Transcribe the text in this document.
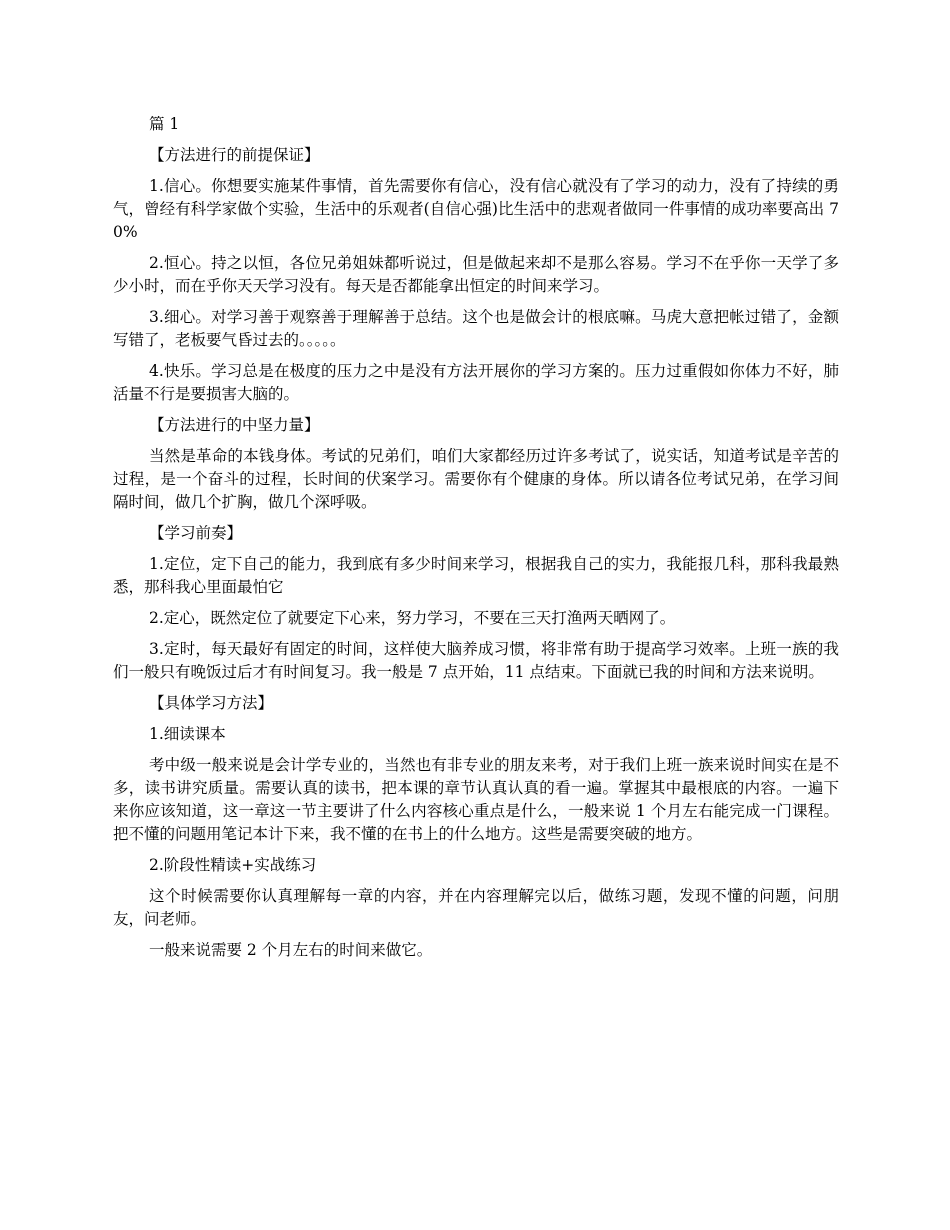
篇 1

【方法进行的前提保证】

1.信心。你想要实施某件事情，首先需要你有信心，没有信心就没有了学习的动力，没有了持续的勇气，曾经有科学家做个实验，生活中的乐观者(自信心强)比生活中的悲观者做同一件事情的成功率要高出 70%

2.恒心。持之以恒，各位兄弟姐妹都听说过，但是做起来却不是那么容易。学习不在乎你一天学了多少小时，而在乎你天天学习没有。每天是否都能拿出恒定的时间来学习。

3.细心。对学习善于观察善于理解善于总结。这个也是做会计的根底嘛。马虎大意把帐过错了，金额写错了，老板要气昏过去的。。。。。

4.快乐。学习总是在极度的压力之中是没有方法开展你的学习方案的。压力过重假如你体力不好，肺活量不行是要损害大脑的。

【方法进行的中坚力量】

当然是革命的本钱身体。考试的兄弟们，咱们大家都经历过许多考试了，说实话，知道考试是辛苦的过程，是一个奋斗的过程，长时间的伏案学习。需要你有个健康的身体。所以请各位考试兄弟，在学习间隔时间，做几个扩胸，做几个深呼吸。

【学习前奏】

1.定位，定下自己的能力，我到底有多少时间来学习，根据我自己的实力，我能报几科，那科我最熟悉，那科我心里面最怕它

2.定心，既然定位了就要定下心来，努力学习，不要在三天打渔两天晒网了。

3.定时，每天最好有固定的时间，这样使大脑养成习惯，将非常有助于提高学习效率。上班一族的我们一般只有晚饭过后才有时间复习。我一般是 7 点开始，11 点结束。下面就已我的时间和方法来说明。

【具体学习方法】

1.细读课本

考中级一般来说是会计学专业的，当然也有非专业的朋友来考，对于我们上班一族来说时间实在是不多，读书讲究质量。需要认真的读书，把本课的章节认真认真的看一遍。掌握其中最根底的内容。一遍下来你应该知道，这一章这一节主要讲了什么内容核心重点是什么，一般来说 1 个月左右能完成一门课程。把不懂的问题用笔记本计下来，我不懂的在书上的什么地方。这些是需要突破的地方。

2.阶段性精读+实战练习

这个时候需要你认真理解每一章的内容，并在内容理解完以后，做练习题，发现不懂的问题，问朋友，问老师。

一般来说需要 2 个月左右的时间来做它。
